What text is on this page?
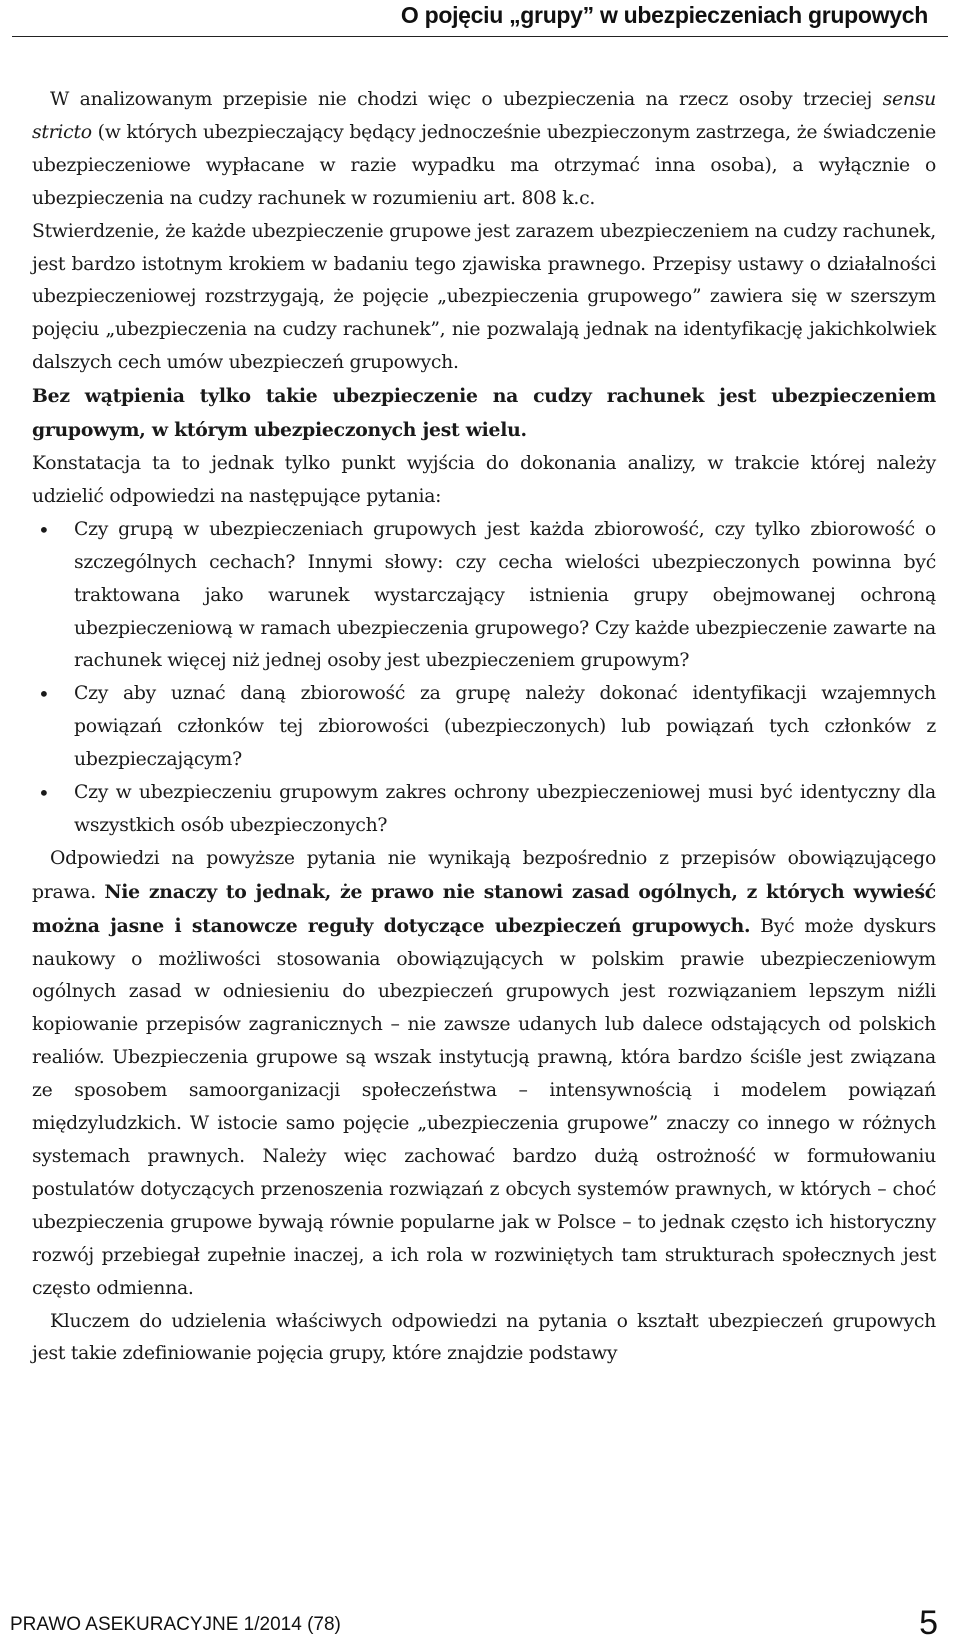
O pojęciu „grupy” w ubezpieczeniach grupowych

W analizowanym przepisie nie chodzi więc o ubezpieczenia na rzecz osoby trzeciej sensu stricto (w których ubezpieczający będący jednocześnie ubezpieczonym zastrzega, że świadczenie ubezpieczeniowe wypłacane w razie wypadku ma otrzymać inna osoba), a wyłącznie o ubezpieczenia na cudzy rachunek w rozumieniu art. 808 k.c.

Stwierdzenie, że każde ubezpieczenie grupowe jest zarazem ubezpieczeniem na cudzy rachunek, jest bardzo istotnym krokiem w badaniu tego zjawiska prawnego. Przepisy ustawy o działalności ubezpieczeniowej rozstrzygają, że pojęcie „ubezpieczenia grupowego” zawiera się w szerszym pojęciu „ubezpieczenia na cudzy rachunek”, nie pozwalają jednak na identyfikację jakichkolwiek dalszych cech umów ubezpieczeń grupowych.

Bez wątpienia tylko takie ubezpieczenie na cudzy rachunek jest ubezpieczeniem grupowym, w którym ubezpieczonych jest wielu.

Konstatacja ta to jednak tylko punkt wyjścia do dokonania analizy, w trakcie której należy udzielić odpowiedzi na następujące pytania:

• Czy grupą w ubezpieczeniach grupowych jest każda zbiorowość, czy tylko zbiorowość o szczególnych cechach? Innymi słowy: czy cecha wielości ubezpieczonych powinna być traktowana jako warunek wystarczający istnienia grupy obejmowanej ochroną ubezpieczeniową w ramach ubezpieczenia grupowego? Czy każde ubezpieczenie zawarte na rachunek więcej niż jednej osoby jest ubezpieczeniem grupowym?
• Czy aby uznać daną zbiorowość za grupę należy dokonać identyfikacji wzajemnych powiązań członków tej zbiorowości (ubezpieczonych) lub powiązań tych członków z ubezpieczającym?
• Czy w ubezpieczeniu grupowym zakres ochrony ubezpieczeniowej musi być identyczny dla wszystkich osób ubezpieczonych?

Odpowiedzi na powyższe pytania nie wynikają bezpośrednio z przepisów obowiązującego prawa. Nie znaczy to jednak, że prawo nie stanowi zasad ogólnych, z których wywieść można jasne i stanowcze reguły dotyczące ubezpieczeń grupowych. Być może dyskurs naukowy o możliwości stosowania obowiązujących w polskim prawie ubezpieczeniowym ogólnych zasad w odniesieniu do ubezpieczeń grupowych jest rozwiązaniem lepszym niźli kopiowanie przepisów zagranicznych – nie zawsze udanych lub dalece odstających od polskich realiów. Ubezpieczenia grupowe są wszak instytucją prawną, która bardzo ściśle jest związana ze sposobem samoorganizacji społeczeństwa – intensywnością i modelem powiązań międzyludzkich. W istocie samo pojęcie „ubezpieczenia grupowe” znaczy co innego w różnych systemach prawnych. Należy więc zachować bardzo dużą ostrożność w formułowaniu postulatów dotyczących przenoszenia rozwiązań z obcych systemów prawnych, w których – choć ubezpieczenia grupowe bywają równie popularne jak w Polsce – to jednak często ich historyczny rozwój przebiegał zupełnie inaczej, a ich rola w rozwiniętych tam strukturach społecznych jest często odmienna.

Kluczem do udzielenia właściwych odpowiedzi na pytania o kształt ubezpieczeń grupowych jest takie zdefiniowanie pojęcia grupy, które znajdzie podstawy

PRAWO ASEKURACYJNE 1/2014 (78)	5
